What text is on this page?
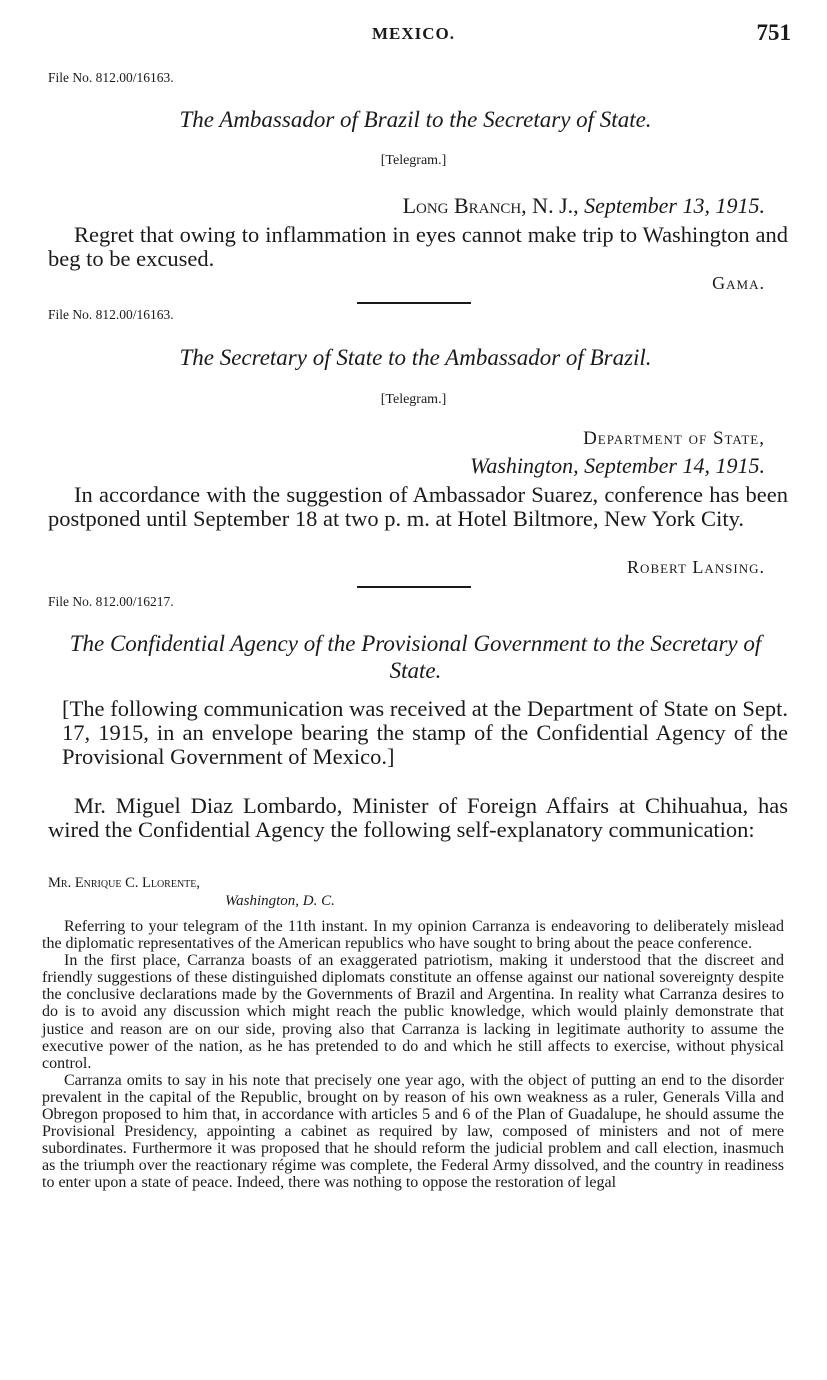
MEXICO.	751
File No. 812.00/16163.
The Ambassador of Brazil to the Secretary of State.
[Telegram.]
Long Branch, N. J., September 13, 1915.
Regret that owing to inflammation in eyes cannot make trip to Washington and beg to be excused.
Gama.
File No. 812.00/16163.
The Secretary of State to the Ambassador of Brazil.
[Telegram.]
Department of State,
Washington, September 14, 1915.
In accordance with the suggestion of Ambassador Suarez, conference has been postponed until September 18 at two p. m. at Hotel Biltmore, New York City.
Robert Lansing.
File No. 812.00/16217.
The Confidential Agency of the Provisional Government to the Secretary of State.
[The following communication was received at the Department of State on Sept. 17, 1915, in an envelope bearing the stamp of the Confidential Agency of the Provisional Government of Mexico.]
Mr. Miguel Diaz Lombardo, Minister of Foreign Affairs at Chihuahua, has wired the Confidential Agency the following self-explanatory communication:
Mr. Enrique C. Llorente,
Washington, D. C.

Referring to your telegram of the 11th instant. In my opinion Carranza is endeavoring to deliberately mislead the diplomatic representatives of the American republics who have sought to bring about the peace conference.

In the first place, Carranza boasts of an exaggerated patriotism, making it understood that the discreet and friendly suggestions of these distinguished diplomats constitute an offense against our national sovereignty despite the conclusive declarations made by the Governments of Brazil and Argentina. In reality what Carranza desires to do is to avoid any discussion which might reach the public knowledge, which would plainly demonstrate that justice and reason are on our side, proving also that Carranza is lacking in legitimate authority to assume the executive power of the nation, as he has pretended to do and which he still affects to exercise, without physical control.

Carranza omits to say in his note that precisely one year ago, with the object of putting an end to the disorder prevalent in the capital of the Republic, brought on by reason of his own weakness as a ruler, Generals Villa and Obregon proposed to him that, in accordance with articles 5 and 6 of the Plan of Guadalupe, he should assume the Provisional Presidency, appointing a cabinet as required by law, composed of ministers and not of mere subordinates. Furthermore it was proposed that he should reform the judicial problem and call election, inasmuch as the triumph over the reactionary régime was complete, the Federal Army dissolved, and the country in readiness to enter upon a state of peace. Indeed, there was nothing to oppose the restoration of legal
